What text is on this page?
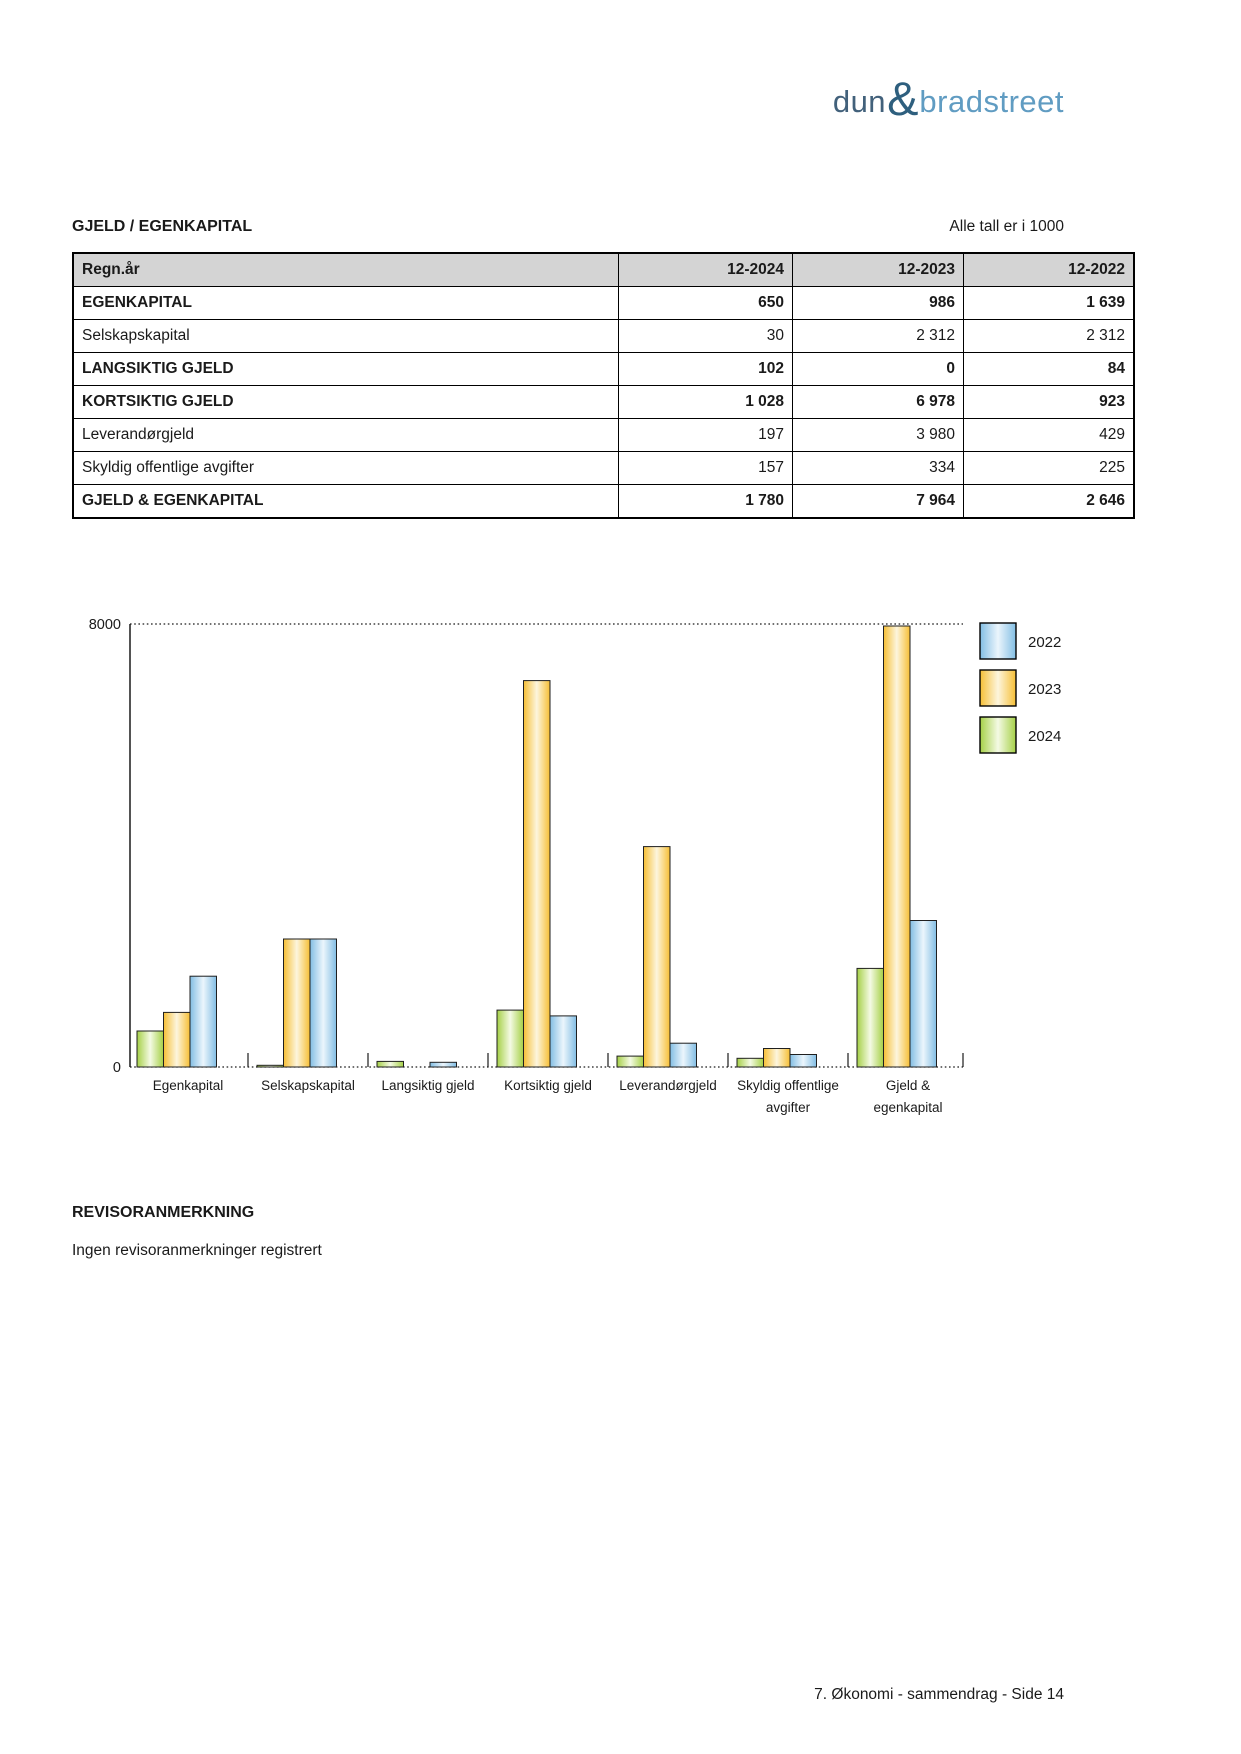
dun & bradstreet
GJELD / EGENKAPITAL	Alle tall er i 1000
Regn.år	12-2024	12-2023	12-2022
EGENKAPITAL	650	986	1 639
Selskapskapital	30	2 312	2 312
LANGSIKTIG GJELD	102	0	84
KORTSIKTIG GJELD	1 028	6 978	923
Leverandørgjeld	197	3 980	429
Skyldig offentlige avgifter	157	334	225
GJELD & EGENKAPITAL	1 780	7 964	2 646
8000
0
Egenkapital	Selskapskapital Langsiktig gjeld Kortsiktig gjeld Leverandørgjeld Skyldig offentlige
avgifter
Gjeld &
egenkapital
2022
2023
2024
REVISORANMERKNING
Ingen revisoranmerkninger registrert
7. Økonomi - sammendrag - Side 14
